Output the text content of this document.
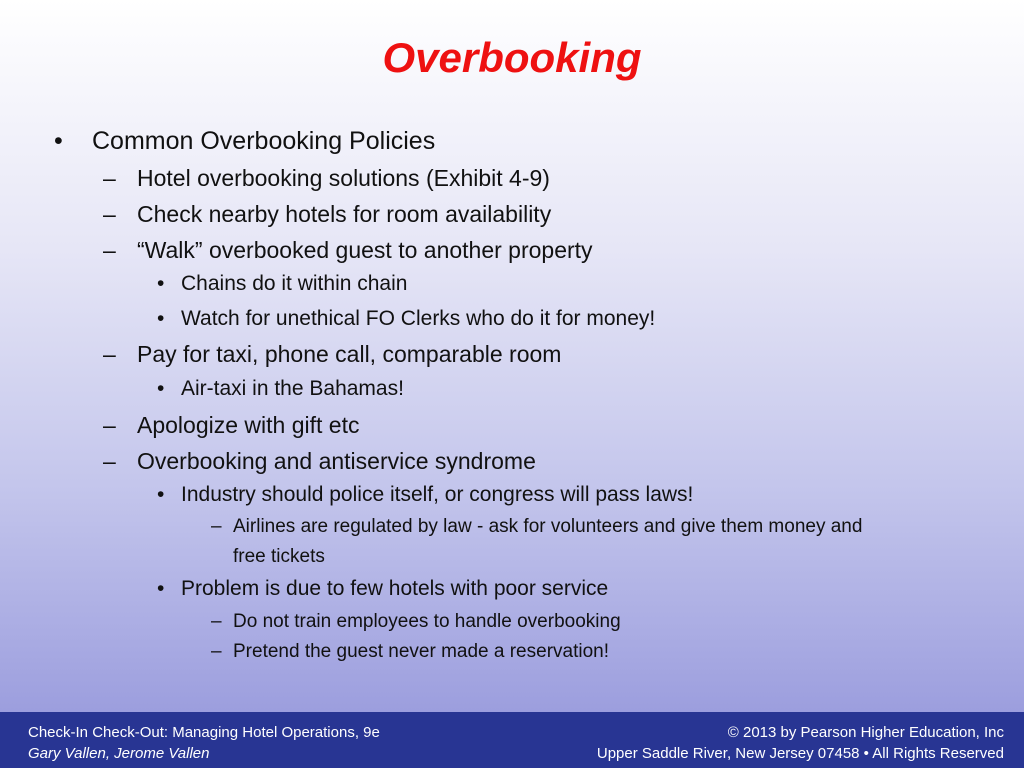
Overbooking
• Common Overbooking Policies
– Hotel overbooking solutions (Exhibit 4-9)
– Check nearby hotels for room availability
– “Walk” overbooked guest to another property
• Chains do it within chain
• Watch for unethical FO Clerks who do it for money!
– Pay for taxi, phone call, comparable room
• Air-taxi in the Bahamas!
– Apologize with gift etc
– Overbooking and antiservice syndrome
• Industry should police itself, or congress will pass laws!
– Airlines are regulated by law - ask for volunteers and give them money and
free tickets
• Problem is due to few hotels with poor service
– Do not train employees to handle overbooking
– Pretend the guest never made a reservation!
Check-In Check-Out: Managing Hotel Operations, 9e
Gary Vallen, Jerome Vallen
© 2013 by Pearson Higher Education, Inc
Upper Saddle River, New Jersey 07458 • All Rights Reserved
